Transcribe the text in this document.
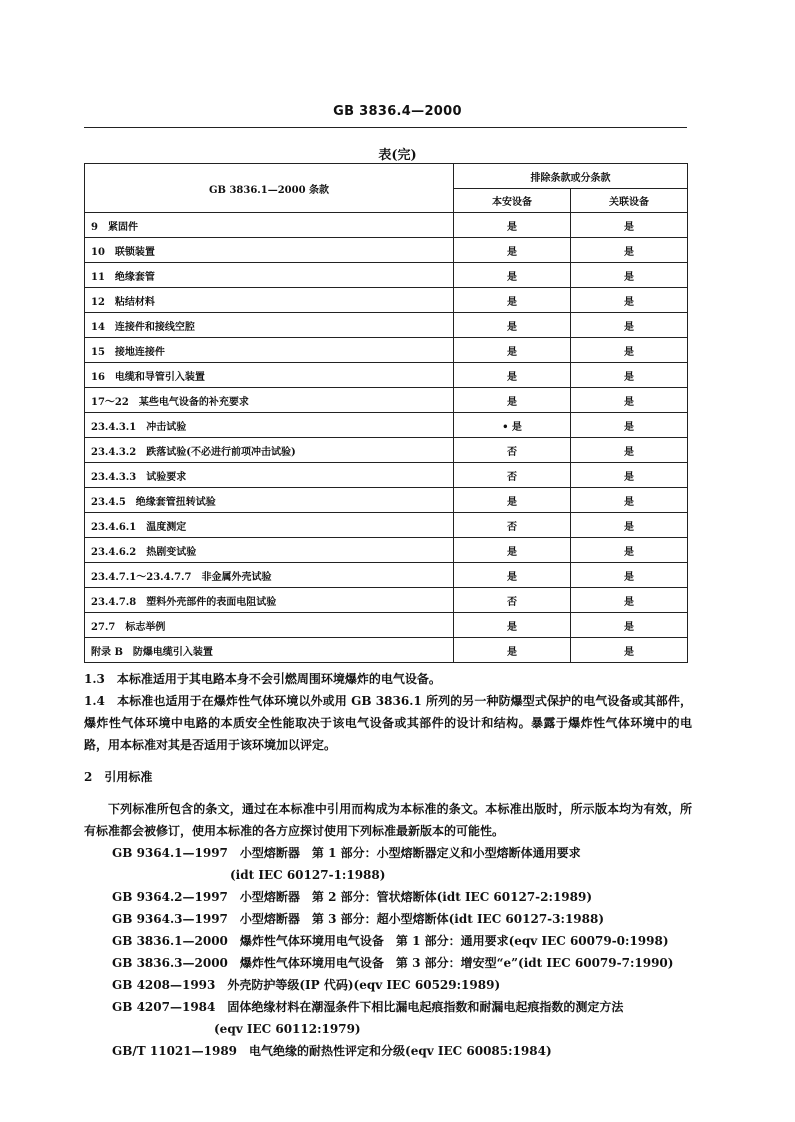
GB 3836.4—2000
表(完)
GB 3836.1—2000 条款	排除条款或分条款	
	本安设备	关联设备
9　紧固件	是	是
10　联锁装置	是	是
11　绝缘套管	是	是
12　粘结材料	是	是
14　连接件和接线空腔	是	是
15　接地连接件	是	是
16　电缆和导管引入装置	是	是
17～22　某些电气设备的补充要求	是	是
23.4.3.1　冲击试验	• 是	是
23.4.3.2　跌落试验(不必进行前项冲击试验)	否	是
23.4.3.3　试验要求	否	是
23.4.5　绝缘套管扭转试验	是	是
23.4.6.1　温度测定	否	是
23.4.6.2　热剧变试验	是	是
23.4.7.1～23.4.7.7　非金属外壳试验	是	是
23.4.7.8　塑料外壳部件的表面电阻试验	否	是
27.7　标志举例	是	是
附录 B　防爆电缆引入装置	是	是

1.3　本标准适用于其电路本身不会引燃周围环境爆炸的电气设备。

1.4　本标准也适用于在爆炸性气体环境以外或用 GB 3836.1 所列的另一种防爆型式保护的电气设备或其部件，爆炸性气体环境中电路的本质安全性能取决于该电气设备或其部件的设计和结构。暴露于爆炸性气体环境中的电路，用本标准对其是否适用于该环境加以评定。

2　引用标准

下列标准所包含的条文，通过在本标准中引用而构成为本标准的条文。本标准出版时，所示版本均为有效，所有标准都会被修订，使用本标准的各方应探讨使用下列标准最新版本的可能性。

GB 9364.1—1997　小型熔断器　第 1 部分：小型熔断器定义和小型熔断体通用要求

(idt IEC 60127-1:1988)

GB 9364.2—1997　小型熔断器　第 2 部分：管状熔断体(idt IEC 60127-2:1989)

GB 9364.3—1997　小型熔断器　第 3 部分：超小型熔断体(idt IEC 60127-3:1988)

GB 3836.1—2000　爆炸性气体环境用电气设备　第 1 部分：通用要求(eqv IEC 60079-0:1998)

GB 3836.3—2000　爆炸性气体环境用电气设备　第 3 部分：增安型“e”(idt IEC 60079-7:1990)

GB 4208—1993　外壳防护等级(IP 代码)(eqv IEC 60529:1989)

GB 4207—1984　固体绝缘材料在潮湿条件下相比漏电起痕指数和耐漏电起痕指数的测定方法

(eqv IEC 60112:1979)

GB/T 11021—1989　电气绝缘的耐热性评定和分级(eqv IEC 60085:1984)
